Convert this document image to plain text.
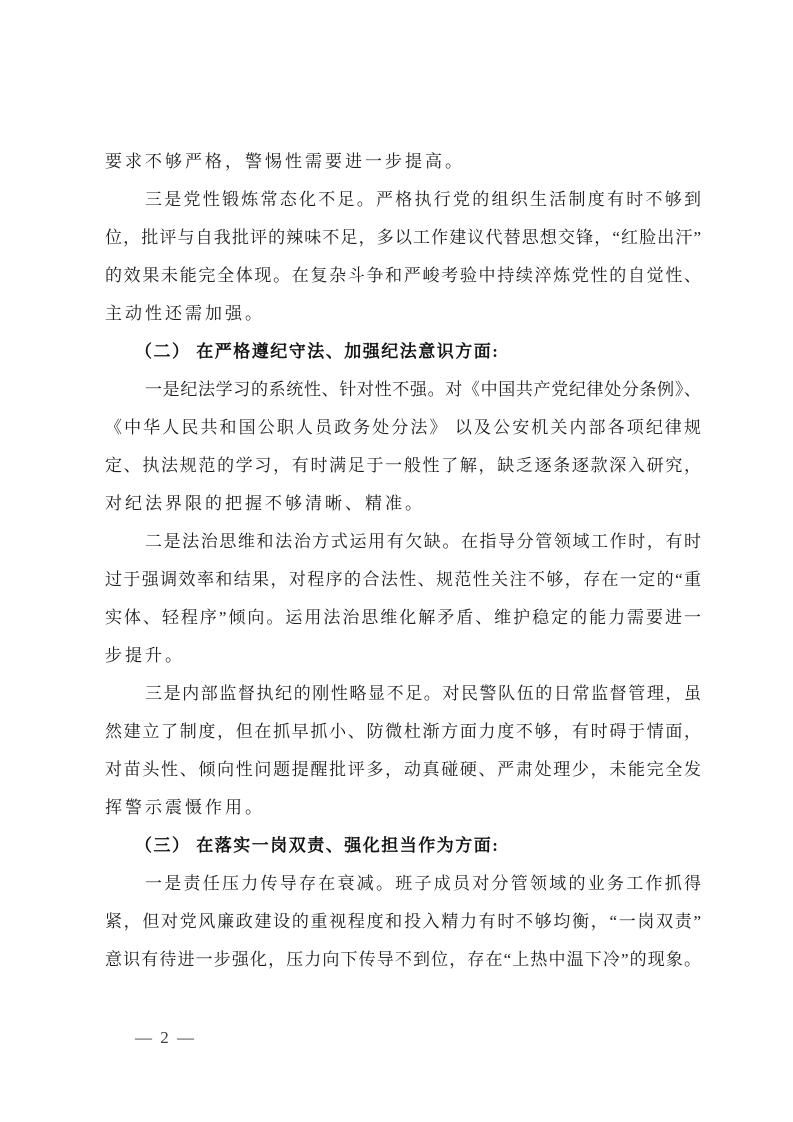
要求不够严格，警惕性需要进一步提高。
三是党性锻炼常态化不足。严格执行党的组织生活制度有时不够到
位，批评与自我批评的辣味不足，多以工作建议代替思想交锋，“红脸出汗”
的效果未能完全体现。在复杂斗争和严峻考验中持续淬炼党性的自觉性、
主动性还需加强。
（二） 在严格遵纪守法、加强纪法意识方面:
一是纪法学习的系统性、针对性不强。对《中国共产党纪律处分条例》、
《中华人民共和国公职人员政务处分法》 以及公安机关内部各项纪律规
定、执法规范的学习，有时满足于一般性了解，缺乏逐条逐款深入研究，
对纪法界限的把握不够清晰、精准。
二是法治思维和法治方式运用有欠缺。在指导分管领域工作时，有时
过于强调效率和结果，对程序的合法性、规范性关注不够，存在一定的“重
实体、轻程序”倾向。运用法治思维化解矛盾、维护稳定的能力需要进一
步提升。
三是内部监督执纪的刚性略显不足。对民警队伍的日常监督管理，虽
然建立了制度，但在抓早抓小、防微杜渐方面力度不够，有时碍于情面，
对苗头性、倾向性问题提醒批评多，动真碰硬、严肃处理少，未能完全发
挥警示震慑作用。
（三） 在落实一岗双责、强化担当作为方面:
一是责任压力传导存在衰减。班子成员对分管领域的业务工作抓得
紧，但对党风廉政建设的重视程度和投入精力有时不够均衡，“一岗双责”
意识有待进一步强化，压力向下传导不到位，存在“上热中温下冷”的现象。
— 2 —
